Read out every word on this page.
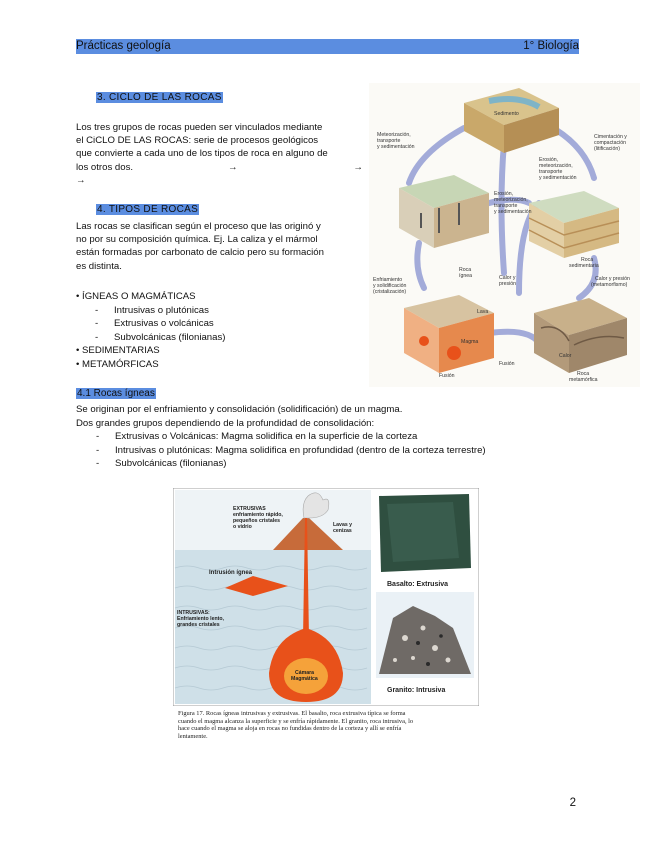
Prácticas geología	1° Biología
3. CICLO DE LAS ROCAS

Los tres grupos de rocas pueden ser vinculados mediante

el CiCLO DE LAS ROCAS: serie de procesos geológicos

que convierte a cada uno de los tipos de roca en alguno de

los otros dos.	→	→

→

4. TIPOS DE ROCAS

Las rocas se clasifican según el proceso que las originó y

no por su composición química. Ej. La caliza y el mármol

están formadas por carbonato de calcio pero su formación

es distinta.

• ÍGNEAS O MAGMÁTICAS

- Intrusivas o plutónicas

- Extrusivas o volcánicas

- Subvolcánicas (filonianas)

• SEDIMENTARIAS

• METAMÓRFICAS

4.1 Rocas ígneas

Se originan por el enfriamiento y consolidación (solidificación) de un magma.

Dos grandes grupos dependiendo de la profundidad de consolidación:

- Extrusivas o Volcánicas: Magma solidifica en la superficie de la corteza

- Intrusivas o plutónicas: Magma solidifica en profundidad (dentro de la corteza terrestre)

- Subvolcánicas (filonianas)

Sedimento
Meteorización, transporte y sedimentación
Cimentación y compactación (litificación)
Erosión, meteorización, transporte y sedimentación
Erosión, meteorización, transporte y sedimentación
Roca sedimentaria
Roca ígnea	Calor y presión (metamorfismo)
Enfriamiento y solidificación (cristalización)
Calor y presión
Lava
Magma
Fusión
Fusión
Calor
Roca metamórfica
EXTRUSIVAS enfriamiento rápido, pequeños cristales o vidrio	Lavas y cenizas
Intrusión ígnea
INTRUSIVAS: Enfriamiento lento, grandes cristales
Cámara Magmática
Basalto: Extrusiva
Granito: Intrusiva
Figura 17. Rocas ígneas intrusivas y extrusivas. El basalto, roca extrusiva típica se forma
cuando el magma alcanza la superficie y se enfría rápidamente. El granito, roca intrusiva, lo
hace cuando el magma se aloja en rocas no fundidas dentro de la corteza y allí se enfría
lentamente.
2
